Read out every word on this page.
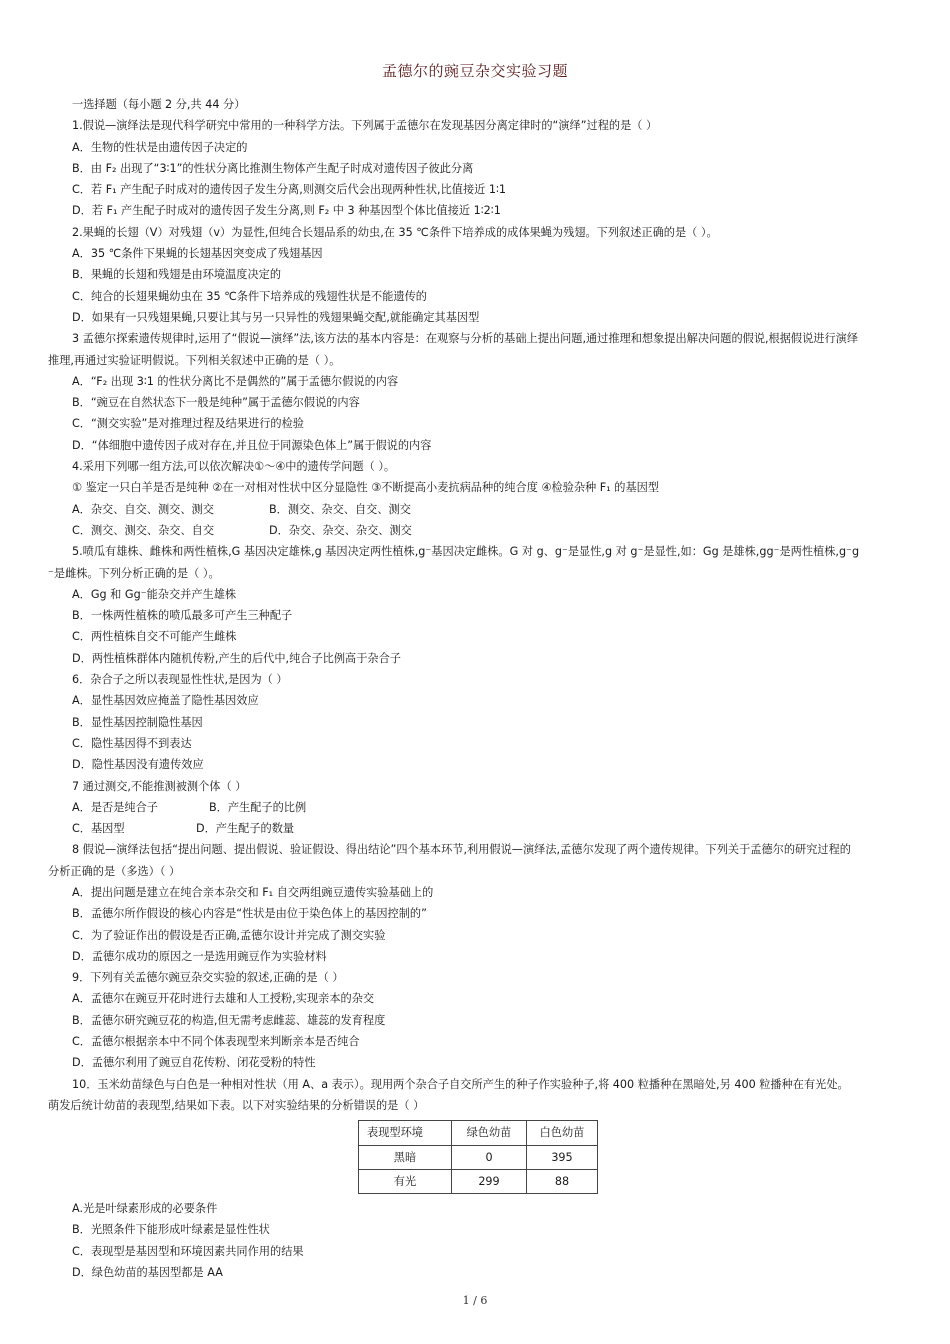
孟德尔的豌豆杂交实验习题
一选择题（每小题 2 分,共 44 分）
1.假说—演绎法是现代科学研究中常用的一种科学方法。下列属于孟德尔在发现基因分离定律时的“演绎”过程的是（ ）
A．生物的性状是由遗传因子决定的
B．由 F₂ 出现了“3∶1”的性状分离比推测生物体产生配子时成对遗传因子彼此分离
C．若 F₁ 产生配子时成对的遗传因子发生分离,则测交后代会出现两种性状,比值接近 1∶1
D．若 F₁ 产生配子时成对的遗传因子发生分离,则 F₂ 中 3 种基因型个体比值接近 1∶2∶1
2.果蝇的长翅（V）对残翅（v）为显性,但纯合长翅品系的幼虫,在 35 ℃条件下培养成的成体果蝇为残翅。下列叙述正确的是（ ）。
A．35 ℃条件下果蝇的长翅基因突变成了残翅基因
B．果蝇的长翅和残翅是由环境温度决定的
C．纯合的长翅果蝇幼虫在 35 ℃条件下培养成的残翅性状是不能遗传的
D．如果有一只残翅果蝇,只要让其与另一只异性的残翅果蝇交配,就能确定其基因型
3 孟德尔探索遗传规律时,运用了“假说—演绎”法,该方法的基本内容是：在观察与分析的基础上提出问题,通过推理和想象提出解决问题的假说,根据假说进行演绎
推理,再通过实验证明假说。下列相关叙述中正确的是（ ）。
A．“F₂ 出现 3∶1 的性状分离比不是偶然的”属于孟德尔假说的内容
B．“豌豆在自然状态下一般是纯种”属于孟德尔假说的内容
C．“测交实验”是对推理过程及结果进行的检验
D．“体细胞中遗传因子成对存在,并且位于同源染色体上”属于假说的内容
4.采用下列哪一组方法,可以依次解决①～④中的遗传学问题（ ）。
① 鉴定一只白羊是否是纯种 ②在一对相对性状中区分显隐性 ③不断提高小麦抗病品种的纯合度 ④检验杂种 F₁ 的基因型
A．杂交、自交、测交、测交	B．测交、杂交、自交、测交
C．测交、测交、杂交、自交	D．杂交、杂交、杂交、测交
5.喷瓜有雄株、雌株和两性植株,G 基因决定雄株,g 基因决定两性植株,g⁻基因决定雌株。G 对 g、g⁻是显性,g 对 g⁻是显性,如：Gg 是雄株,gg⁻是两性植株,g⁻g
⁻是雌株。下列分析正确的是（ ）。
A．Gg 和 Gg⁻能杂交并产生雄株
B．一株两性植株的喷瓜最多可产生三种配子
C．两性植株自交不可能产生雌株
D．两性植株群体内随机传粉,产生的后代中,纯合子比例高于杂合子
6．杂合子之所以表现显性性状,是因为（ ）
A．显性基因效应掩盖了隐性基因效应
B．显性基因控制隐性基因
C．隐性基因得不到表达
D．隐性基因没有遗传效应
7 通过测交,不能推测被测个体（ ）
A．是否是纯合子	B．产生配子的比例
C．基因型	D．产生配子的数量
8 假说—演绎法包括“提出问题、提出假说、验证假设、得出结论”四个基本环节,利用假说—演绎法,孟德尔发现了两个遗传规律。下列关于孟德尔的研究过程的
分析正确的是（多选）（ ）
A．提出问题是建立在纯合亲本杂交和 F₁ 自交两组豌豆遗传实验基础上的
B．孟德尔所作假设的核心内容是“性状是由位于染色体上的基因控制的”
C．为了验证作出的假设是否正确,孟德尔设计并完成了测交实验
D．孟德尔成功的原因之一是选用豌豆作为实验材料
9．下列有关孟德尔豌豆杂交实验的叙述,正确的是（ ）
A．孟德尔在豌豆开花时进行去雄和人工授粉,实现亲本的杂交
B．孟德尔研究豌豆花的构造,但无需考虑雌蕊、雄蕊的发育程度
C．孟德尔根据亲本中不同个体表现型来判断亲本是否纯合
D．孟德尔利用了豌豆自花传粉、闭花受粉的特性
10．玉米幼苗绿色与白色是一种相对性状（用 A、a 表示）。现用两个杂合子自交所产生的种子作实验种子,将 400 粒播种在黑暗处,另 400 粒播种在有光处。
萌发后统计幼苗的表现型,结果如下表。以下对实验结果的分析错误的是（ ）
表现型环境	绿色幼苗	白色幼苗
黑暗	0	395
有光	299	88
A.光是叶绿素形成的必要条件
B．光照条件下能形成叶绿素是显性性状
C．表现型是基因型和环境因素共同作用的结果
D．绿色幼苗的基因型都是 AA
1 / 6
